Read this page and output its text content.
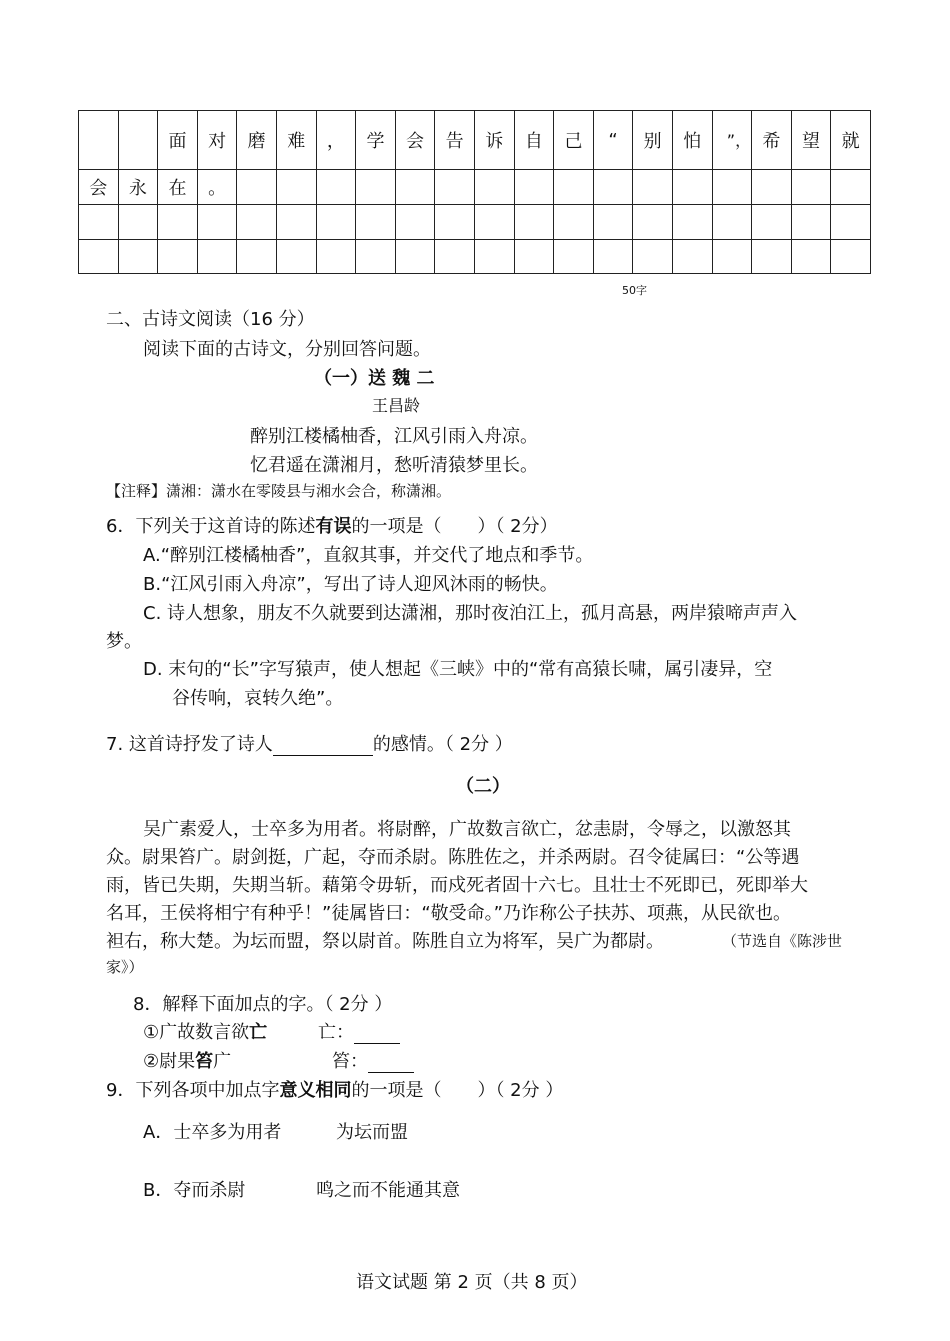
		面	对	磨	难	，	学	会	告	诉	自	己	“	别	怕	”，	希	望	就
会	永	在	。																

50字
二、古诗文阅读（16 分）
阅读下面的古诗文，分别回答问题。
（一）送 魏 二
王昌龄
醉别江楼橘柚香，江风引雨入舟凉。
忆君遥在潇湘月，愁听清猿梦里长。
【注释】潇湘：潇水在零陵县与湘水会合，称潇湘。
6．下列关于这首诗的陈述有误的一项是（　　）（ 2分）
A.“醉别江楼橘柚香”，直叙其事，并交代了地点和季节。
B.“江风引雨入舟凉”，写出了诗人迎风沐雨的畅快。
C. 诗人想象，朋友不久就要到达潇湘，那时夜泊江上，孤月高悬，两岸猿啼声声入
梦。
D. 末句的“长”字写猿声，使人想起《三峡》中的“常有高猿长啸，属引凄异，空
谷传响，哀转久绝”。
7. 这首诗抒发了诗人	的感情。（ 2分 ）
（二）
吴广素爱人，士卒多为用者。将尉醉，广故数言欲亡，忿恚尉，令辱之，以激怒其
众。尉果笞广。尉剑挺，广起，夺而杀尉。陈胜佐之，并杀两尉。召令徒属曰：“公等遇
雨，皆已失期，失期当斩。藉第令毋斩，而戍死者固十六七。且壮士不死即已，死即举大
名耳，王侯将相宁有种乎！”徒属皆曰：“敬受命。”乃诈称公子扶苏、项燕，从民欲也。
袒右，称大楚。为坛而盟，祭以尉首。陈胜自立为将军，吴广为都尉。	（节选自《陈涉世
家》）
8．解释下面加点的字。（ 2分 ）
①广故数言欲亡	亡：
②尉果笞广	笞：
9．下列各项中加点字意义相同的一项是（　　）（ 2分 ）
A．士卒多为用者	为坛而盟
B．夺而杀尉	鸣之而不能通其意
语文试题 第 2 页（共 8 页）
